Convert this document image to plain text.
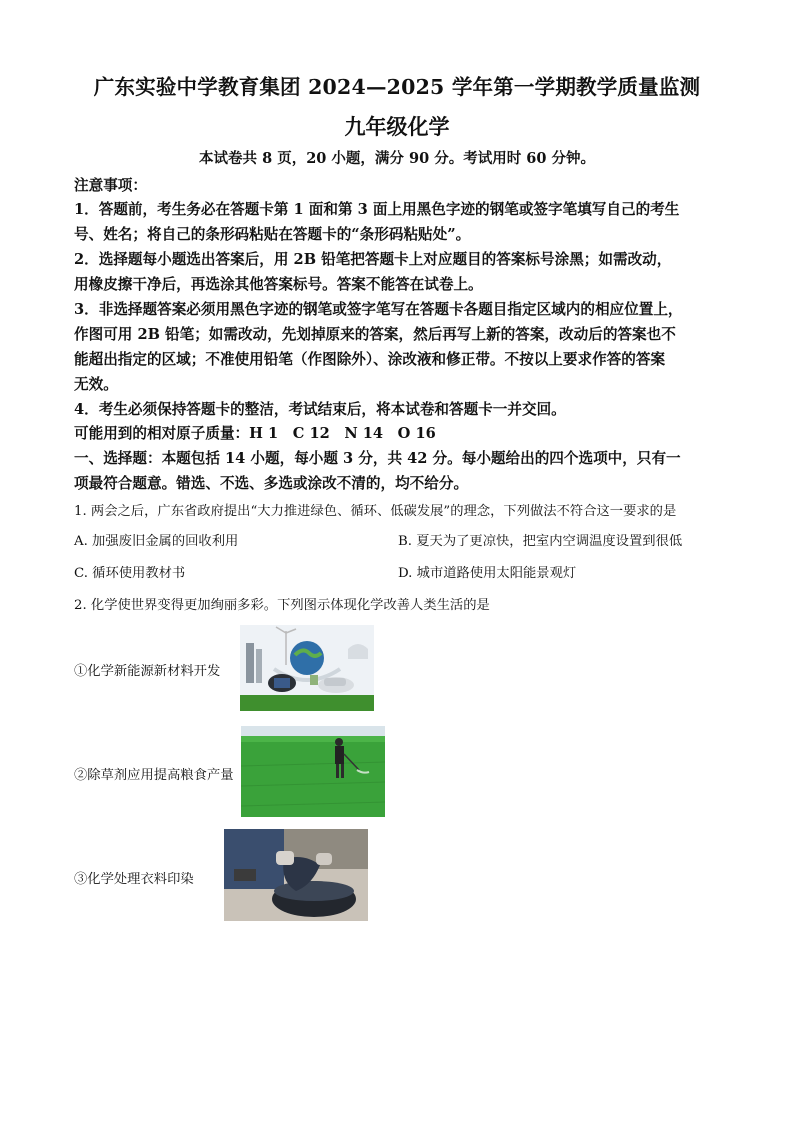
广东实验中学教育集团 2024—2025 学年第一学期教学质量监测
九年级化学
本试卷共 8 页，20 小题，满分 90 分。考试用时 60 分钟。
注意事项：
1．答题前，考生务必在答题卡第 1 面和第 3 面上用黑色字迹的钢笔或签字笔填写自己的考生
号、姓名；将自己的条形码粘贴在答题卡的“条形码粘贴处”。
2．选择题每小题选出答案后，用 2B 铅笔把答题卡上对应题目的答案标号涂黑；如需改动，
用橡皮擦干净后，再选涂其他答案标号。答案不能答在试卷上。
3．非选择题答案必须用黑色字迹的钢笔或签字笔写在答题卡各题目指定区域内的相应位置上，
作图可用 2B 铅笔；如需改动，先划掉原来的答案，然后再写上新的答案，改动后的答案也不
能超出指定的区域；不准使用铅笔（作图除外）、涂改液和修正带。不按以上要求作答的答案
无效。
4．考生必须保持答题卡的整洁，考试结束后，将本试卷和答题卡一并交回。
可能用到的相对原子质量：H 1　C 12　N 14　O 16
一、选择题：本题包括 14 小题，每小题 3 分，共 42 分。每小题给出的四个选项中，只有一
项最符合题意。错选、不选、多选或涂改不清的，均不给分。
1. 两会之后，广东省政府提出“大力推进绿色、循环、低碳发展”的理念，下列做法不符合这一要求的是
A. 加强废旧金属的回收利用	B. 夏天为了更凉快，把室内空调温度设置到很低
C. 循环使用教材书	D. 城市道路使用太阳能景观灯
2. 化学使世界变得更加绚丽多彩。下列图示体现化学改善人类生活的是
①化学新能源新材料开发
②除草剂应用提高粮食产量
③化学处理衣料印染
